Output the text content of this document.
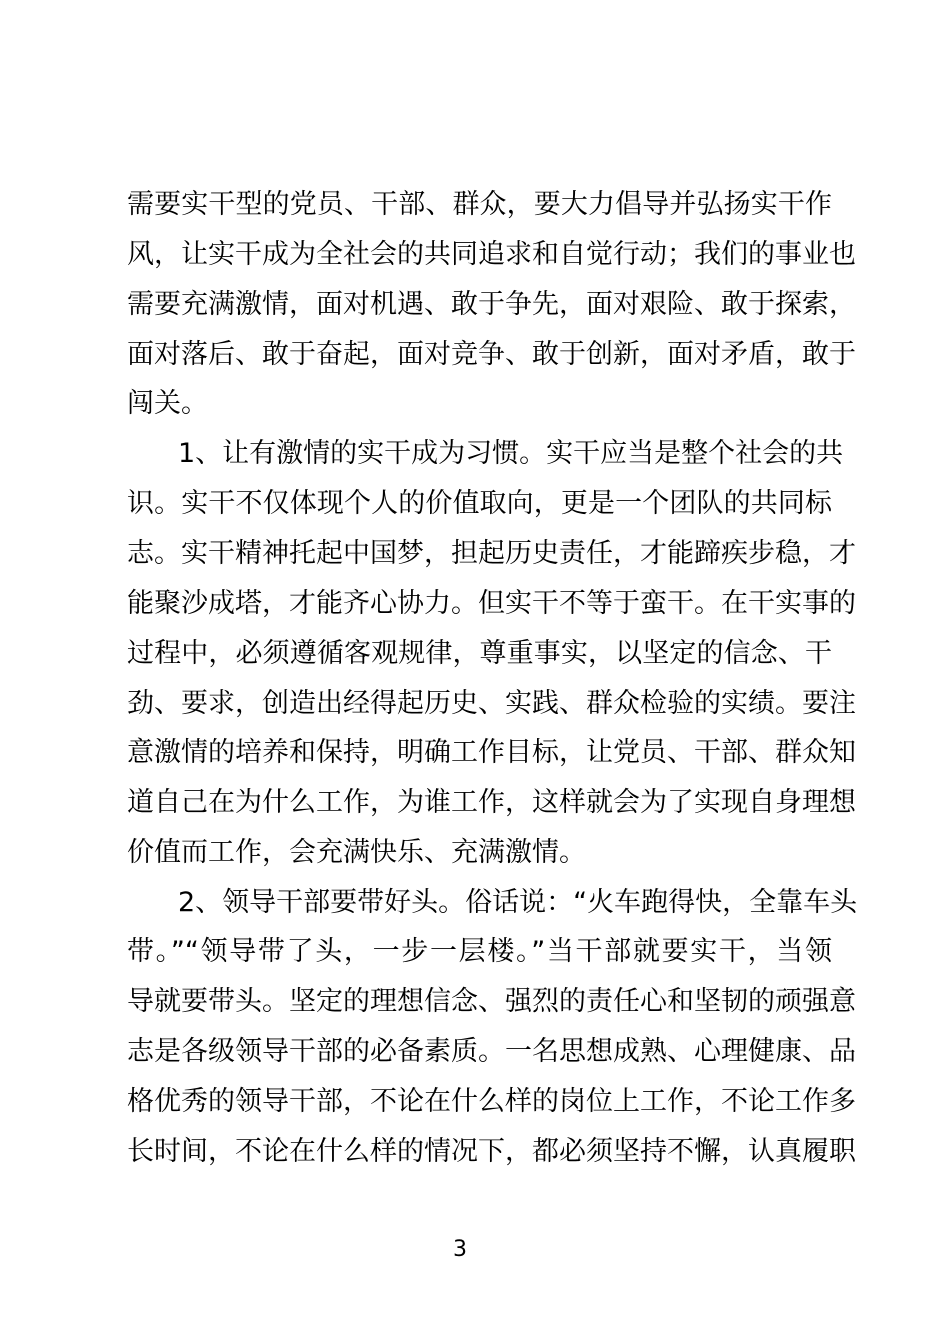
需要实干型的党员、干部、群众，要大力倡导并弘扬实干作
风，让实干成为全社会的共同追求和自觉行动；我们的事业也
需要充满激情，面对机遇、敢于争先，面对艰险、敢于探索，
面对落后、敢于奋起，面对竞争、敢于创新，面对矛盾，敢于
闯关。
1、让有激情的实干成为习惯。实干应当是整个社会的共
识。实干不仅体现个人的价值取向，更是一个团队的共同标
志。实干精神托起中国梦，担起历史责任，才能蹄疾步稳，才
能聚沙成塔，才能齐心协力。但实干不等于蛮干。在干实事的
过程中，必须遵循客观规律，尊重事实，以坚定的信念、干
劲、要求，创造出经得起历史、实践、群众检验的实绩。要注
意激情的培养和保持，明确工作目标，让党员、干部、群众知
道自己在为什么工作，为谁工作，这样就会为了实现自身理想
价值而工作，会充满快乐、充满激情。
2、领导干部要带好头。俗话说：“火车跑得快，全靠车头
带。”“领导带了头，一步一层楼。”当干部就要实干，当领
导就要带头。坚定的理想信念、强烈的责任心和坚韧的顽强意
志是各级领导干部的必备素质。一名思想成熟、心理健康、品
格优秀的领导干部，不论在什么样的岗位上工作，不论工作多
长时间，不论在什么样的情况下，都必须坚持不懈，认真履职
3
